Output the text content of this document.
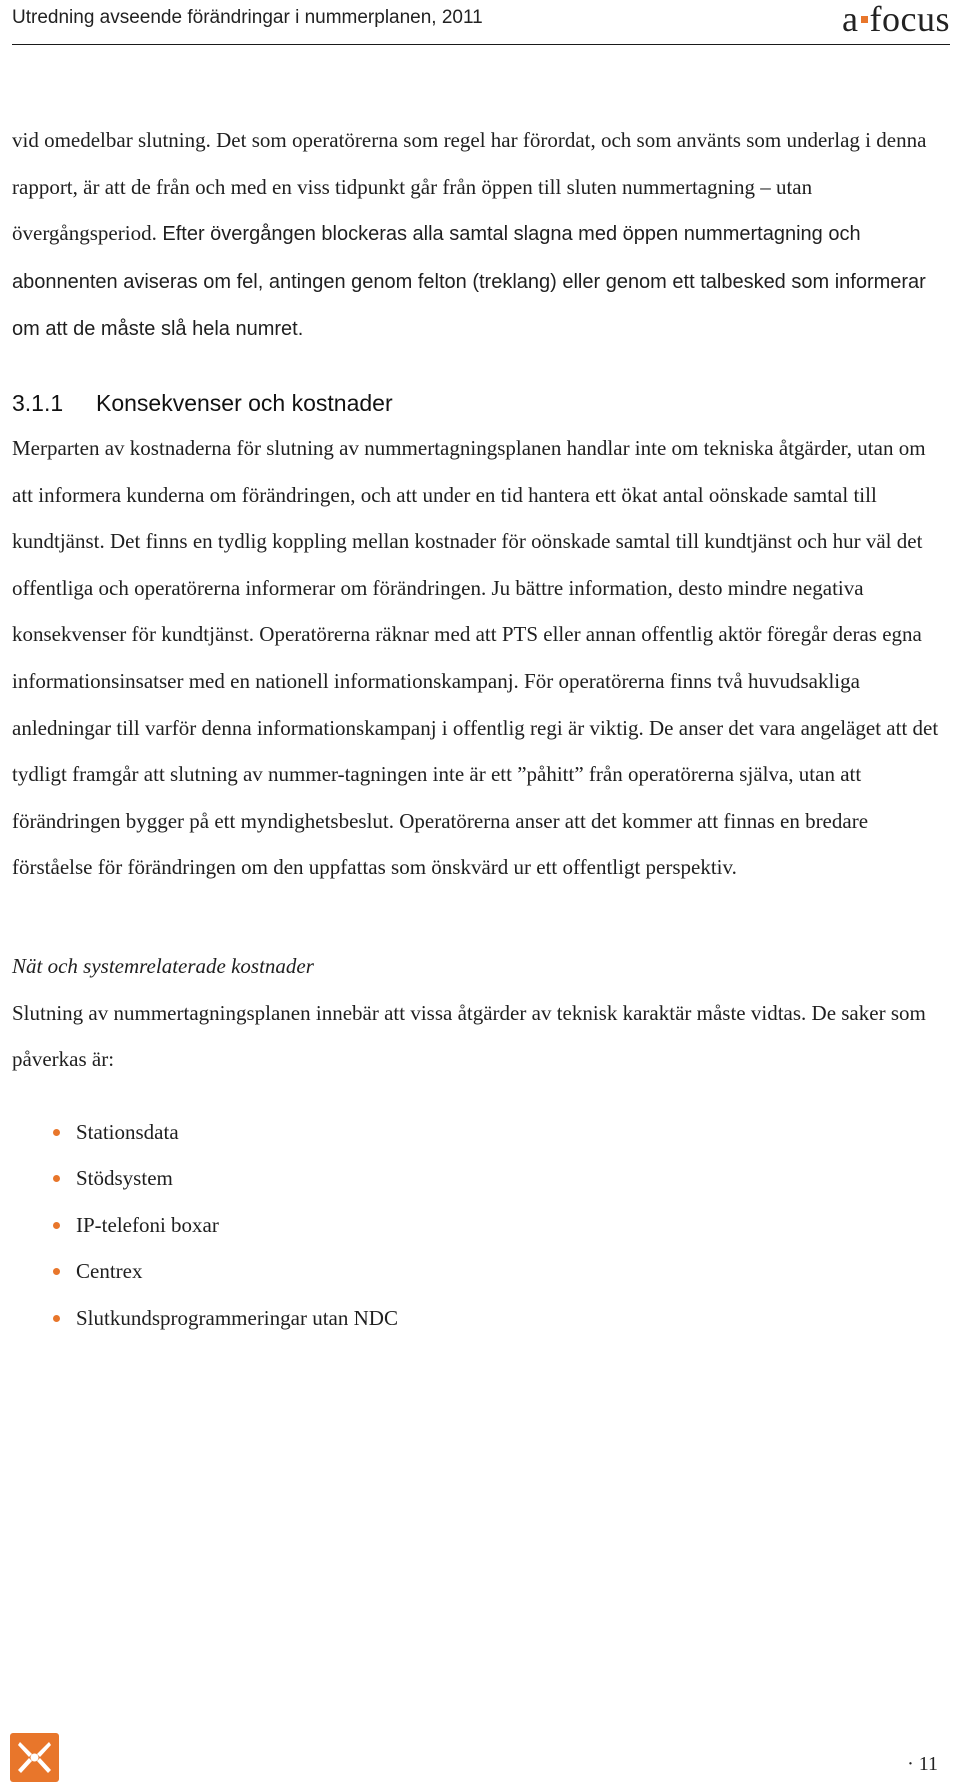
Utredning avseende förändringar i nummerplanen, 2011	a focus

vid omedelbar slutning. Det som operatörerna som regel har förordat, och som använts som underlag i denna rapport, är att de från och med en viss tidpunkt går från öppen till sluten nummertagning – utan övergångsperiod. Efter övergången blockeras alla samtal slagna med öppen nummertagning och abonnenten aviseras om fel, antingen genom felton (treklang) eller genom ett talbesked som informerar om att de måste slå hela numret.

3.1.1 Konsekvenser och kostnader

Merparten av kostnaderna för slutning av nummertagningsplanen handlar inte om tekniska åtgärder, utan om att informera kunderna om förändringen, och att under en tid hantera ett ökat antal oönskade samtal till kundtjänst. Det finns en tydlig koppling mellan kostnader för oönskade samtal till kundtjänst och hur väl det offentliga och operatörerna informerar om förändringen. Ju bättre information, desto mindre negativa konsekvenser för kundtjänst. Operatörerna räknar med att PTS eller annan offentlig aktör föregår deras egna informationsinsatser med en nationell informationskampanj. För operatörerna finns två huvudsakliga anledningar till varför denna informationskampanj i offentlig regi är viktig. De anser det vara angeläget att det tydligt framgår att slutning av nummer-tagningen inte är ett ”påhitt” från operatörerna själva, utan att förändringen bygger på ett myndighetsbeslut. Operatörerna anser att det kommer att finnas en bredare förståelse för förändringen om den uppfattas som önskvärd ur ett offentligt perspektiv.

Nät och systemrelaterade kostnader

Slutning av nummertagningsplanen innebär att vissa åtgärder av teknisk karaktär måste vidtas. De saker som påverkas är:

Stationsdata
Stödsystem
IP-telefoni boxar
Centrex
Slutkundsprogrammeringar utan NDC
· 11
